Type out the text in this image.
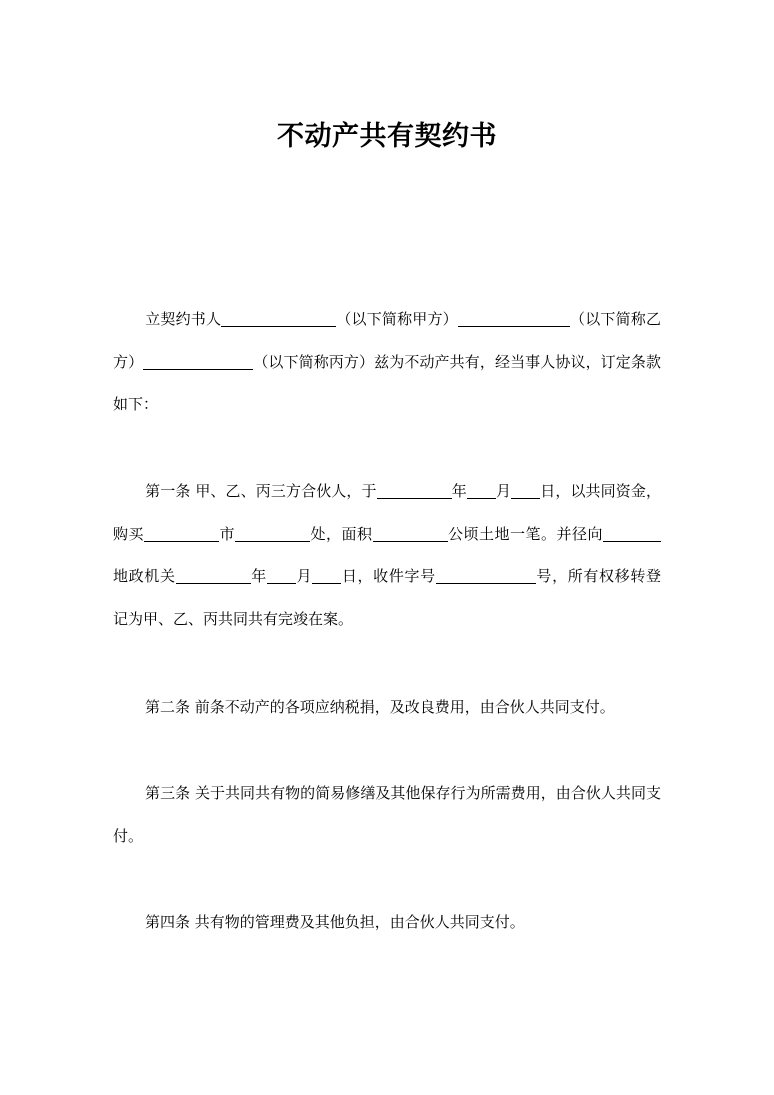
不动产共有契约书

立契约书人	（以下简称甲方）	（以下简称乙方）	（以下简称丙方）兹为不动产共有，经当事人协议，订定条款如下：

第一条 甲、乙、丙三方合伙人，于	年 月 日，以共同资金，购买	市	处，面积	公顷土地一笔。并径向地政机关	年 月 日，收件字号	号，所有权移转登记为甲、乙、丙共同共有完竣在案。

第二条 前条不动产的各项应纳税捐，及改良费用，由合伙人共同支付。

第三条 关于共同共有物的简易修缮及其他保存行为所需费用，由合伙人共同支付。

第四条 共有物的管理费及其他负担，由合伙人共同支付。
